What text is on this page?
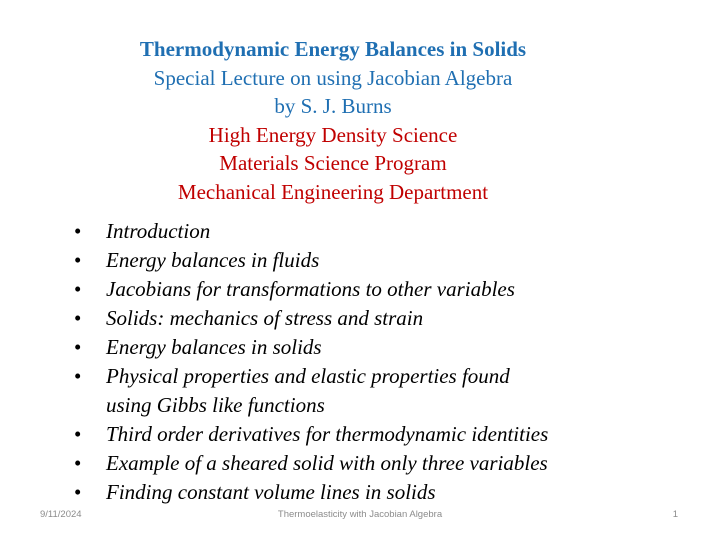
Thermodynamic Energy Balances in Solids
Special Lecture on using Jacobian Algebra
by S. J. Burns
High Energy Density Science
Materials Science Program
Mechanical Engineering Department
• Introduction
• Energy balances in fluids
• Jacobians for transformations to other variables
• Solids: mechanics of stress and strain
• Energy balances in solids
• Physical properties and elastic properties found
using Gibbs like functions
• Third order derivatives for thermodynamic identities
• Example of a sheared solid with only three variables
• Finding constant volume lines in solids
Thermoelasticity with Jacobian Algebra
9/11/2024	1
